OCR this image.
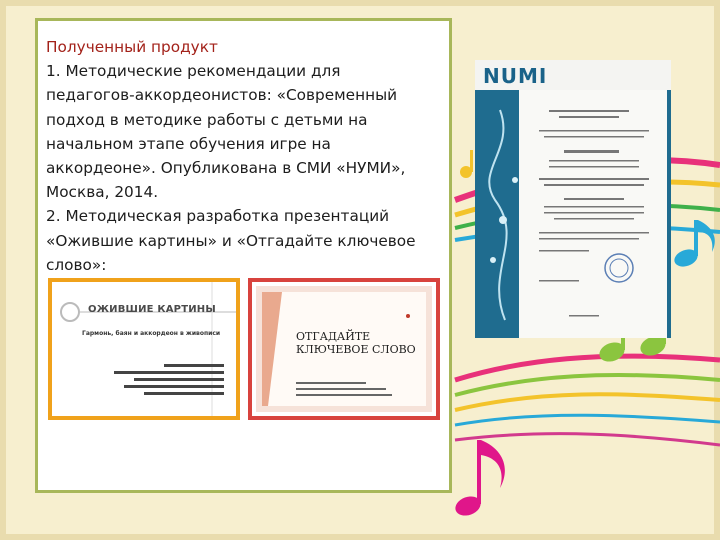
Полученный продукт
1. Методические рекомендации для
педагогов-аккордеонистов: «Современный
подход в методике работы с детьми на
начальном этапе обучения игре на
аккордеоне». Опубликована в СМИ «НУМИ»,
Москва, 2014.
2. Методическая разработка презентаций
«Ожившие картины» и «Отгадайте ключевое
слово»:
ОЖИВШИЕ КАРТИНЫ
Гармонь, баян и аккордеон в живописи	ОТГАДАЙТЕ
КЛЮЧЕВОЕ СЛОВО
NUMI
